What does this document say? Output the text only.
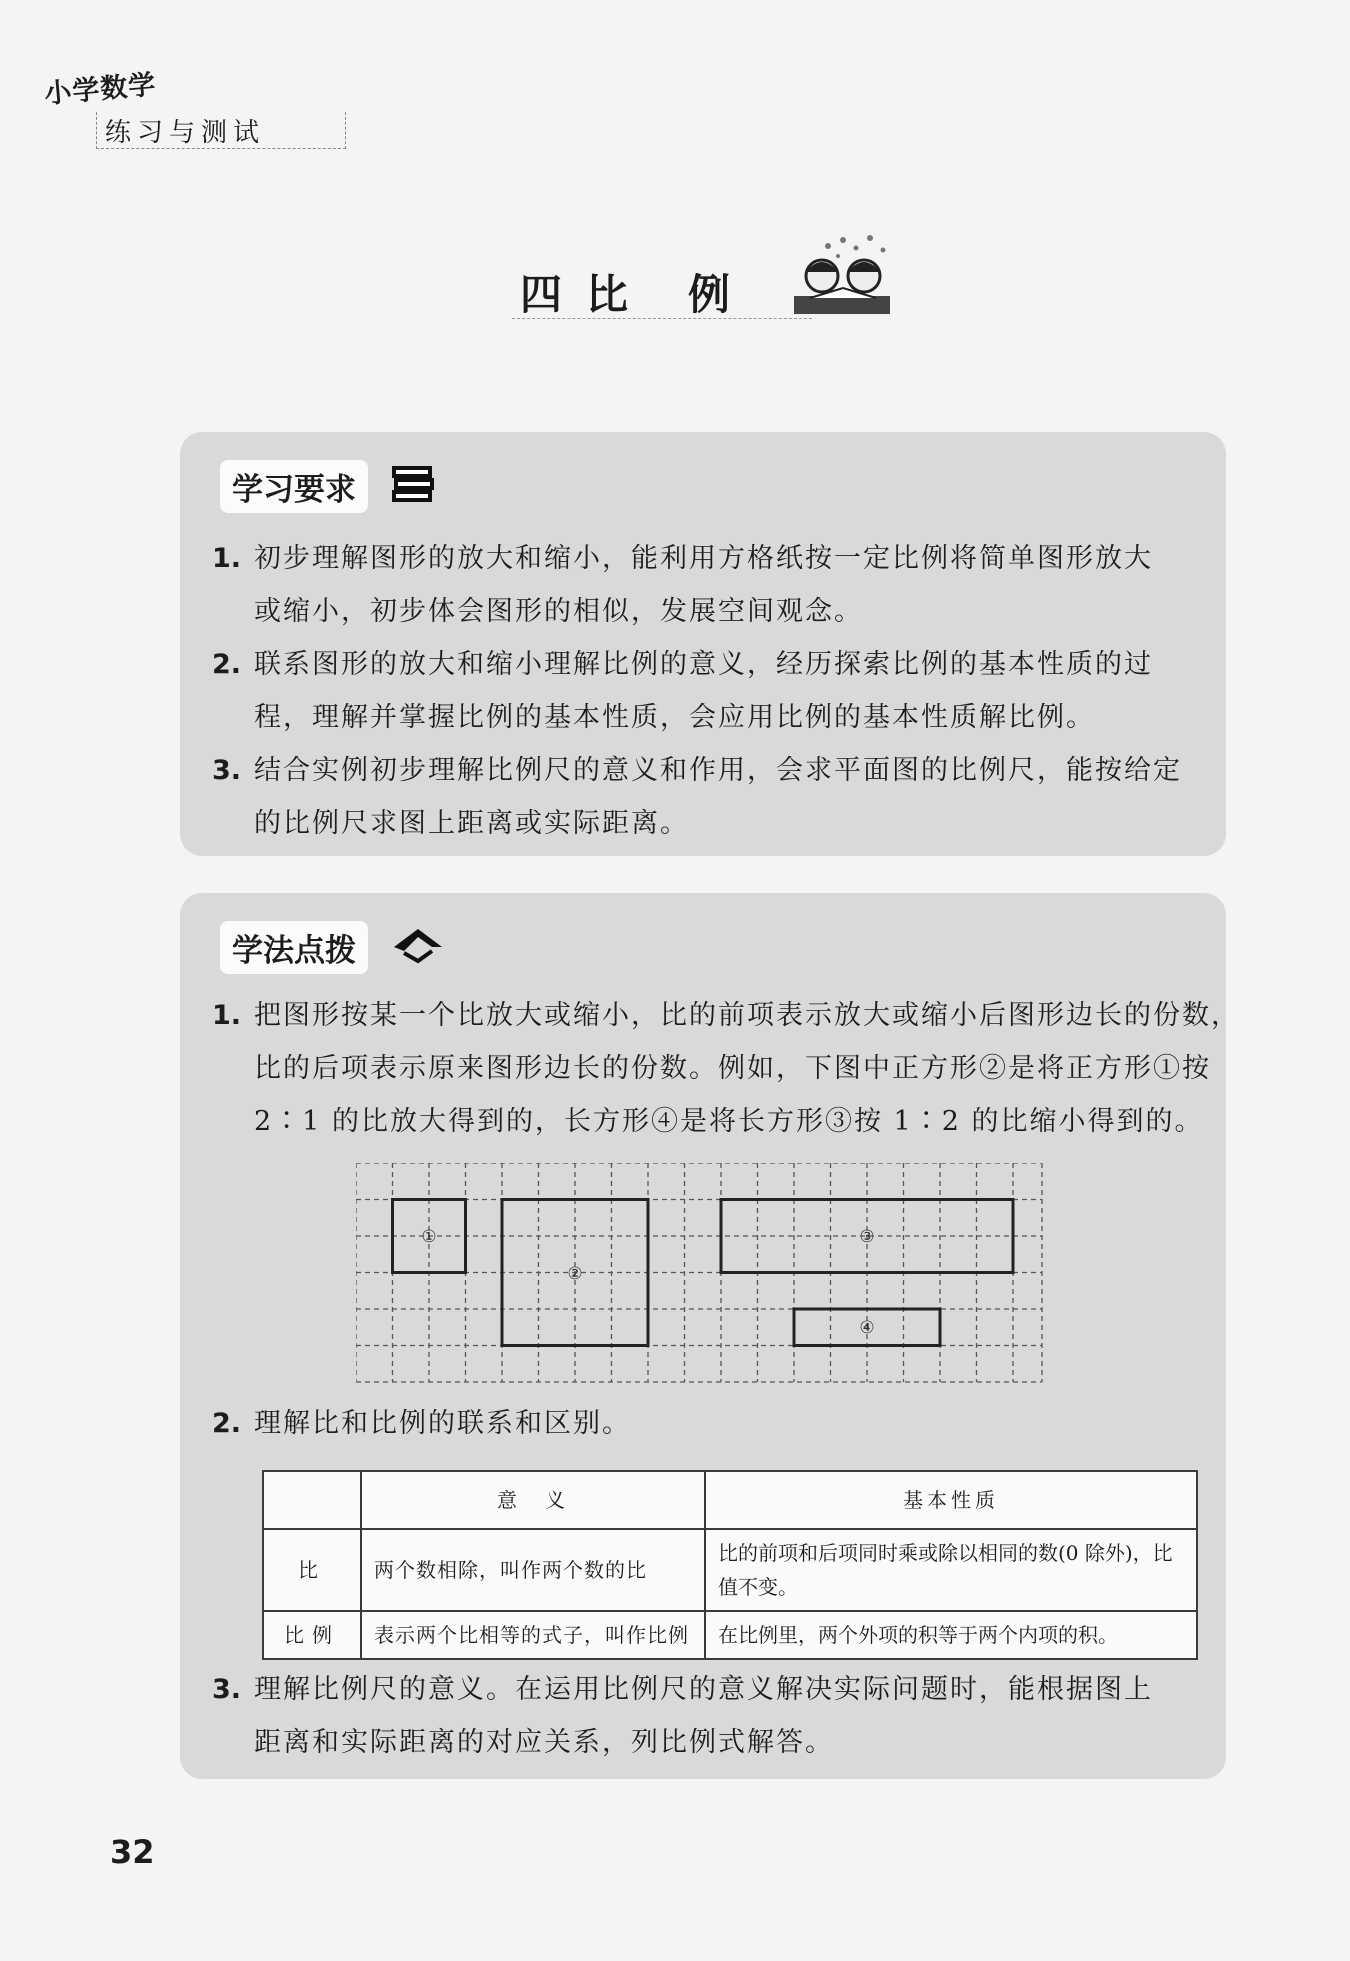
小学数学
练习与测试
四 比 例
学习要求
1. 初步理解图形的放大和缩小，能利用方格纸按一定比例将简单图形放大
或缩小，初步体会图形的相似，发展空间观念。
2. 联系图形的放大和缩小理解比例的意义，经历探索比例的基本性质的过
程，理解并掌握比例的基本性质，会应用比例的基本性质解比例。
3. 结合实例初步理解比例尺的意义和作用，会求平面图的比例尺，能按给定
的比例尺求图上距离或实际距离。
学法点拨
1. 把图形按某一个比放大或缩小，比的前项表示放大或缩小后图形边长的份数，
比的后项表示原来图形边长的份数。例如，下图中正方形②是将正方形①按
2∶1 的比放大得到的，长方形④是将长方形③按 1∶2 的比缩小得到的。
①
②
③
④
2. 理解比和比例的联系和区别。
	意　义	基本性质
比	两个数相除，叫作两个数的比	比的前项和后项同时乘或除以相同的数(0 除外)，比值不变。
比例	表示两个比相等的式子，叫作比例	在比例里，两个外项的积等于两个内项的积。
3. 理解比例尺的意义。在运用比例尺的意义解决实际问题时，能根据图上
距离和实际距离的对应关系，列比例式解答。
32
